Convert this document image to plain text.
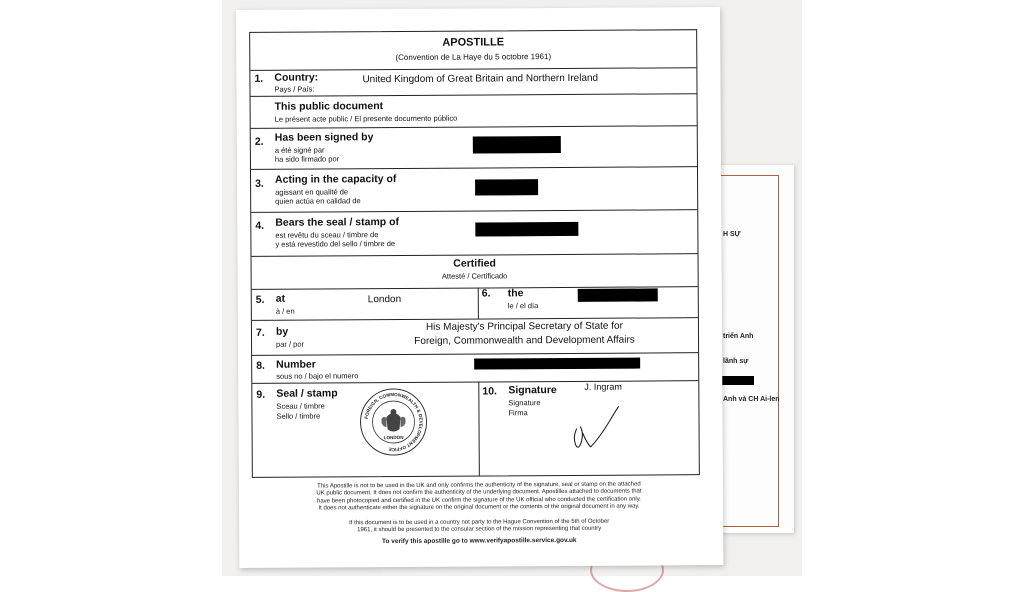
H SỰ
triển Anh
lãnh sự
Anh và CH Ai-len
APOSTILLE
(Convention de La Haye du 5 octobre 1961)
1. Country:
Pays / País:
United Kingdom of Great Britain and Northern Ireland
This public document
Le présent acte public / El presente documento público
2. Has been signed by
a été signé par
ha sido firmado por
3. Acting in the capacity of
agissant en qualité de
quien actúa en calidad de
4. Bears the seal / stamp of
est revêtu du sceau / timbre de
y está revestido del sello / timbre de
Certified
Attesté / Certificado
5. at
à / en
London
6. the
le / el día
7. by
par / por
His Majesty's Principal Secretary of State for
Foreign, Commonwealth and Development Affairs
8. Number
sous no / bajo el numero
9. Seal / stamp
Sceau / timbre
Sello / timbre
10. Signature
Signature
Firma
J. Ingram
FOREIGN, COMMONWEALTH & DEVELOPMENT OFFICE
LONDON
This Apostille is not to be used in the UK and only confirms the authenticity of the signature, seal or stamp on the attached
UK public document. It does not confirm the authenticity of the underlying document. Apostilles attached to documents that
have been photocopied and certified in the UK confirm the signature of the UK official who conducted the certification only.
It does not authenticate either the signature on the original document or the contents of the original document in any way.
If this document is to be used in a country not party to the Hague Convention of the 5th of October
1961, it should be presented to the consular section of the mission representing that country
To verify this apostille go to www.verifyapostille.service.gov.uk
